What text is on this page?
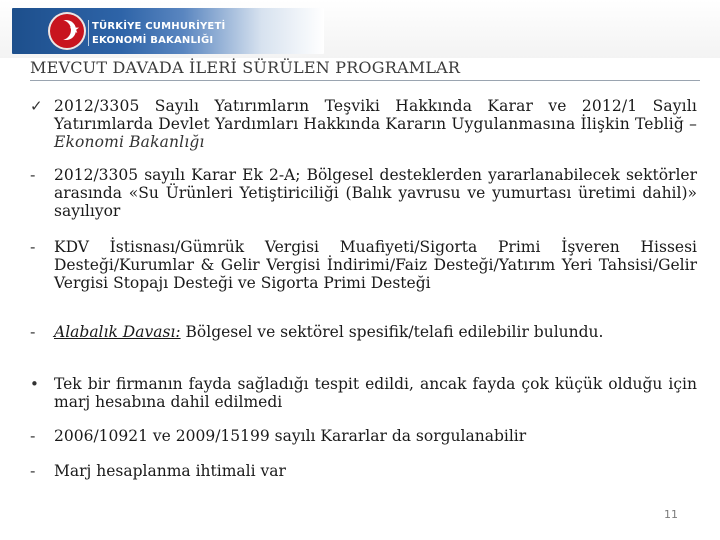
★ TÜRKİYE CUMHURİYETİ
EKONOMİ BAKANLIĞI
MEVCUT DAVADA İLERİ SÜRÜLEN PROGRAMLAR
✓ 2012/3305 Sayılı Yatırımların Teşviki Hakkında Karar ve 2012/1 Sayılı Yatırımlarda Devlet Yardımları Hakkında Kararın Uygulanmasına İlişkin Tebliğ – Ekonomi Bakanlığı
-	2012/3305 sayılı Karar Ek 2-A; Bölgesel desteklerden yararlanabilecek sektörler arasında «Su Ürünleri Yetiştiriciliği (Balık yavrusu ve yumurtası üretimi dahil)» sayılıyor
-	KDV İstisnası/Gümrük Vergisi Muafiyeti/Sigorta Primi İşveren Hissesi Desteği/Kurumlar & Gelir Vergisi İndirimi/Faiz Desteği/Yatırım Yeri Tahsisi/Gelir Vergisi Stopajı Desteği ve Sigorta Primi Desteği
-	Alabalık Davası: Bölgesel ve sektörel spesifik/telafi edilebilir bulundu.
• Tek bir firmanın fayda sağladığı tespit edildi, ancak fayda çok küçük olduğu için marj hesabına dahil edilmedi
-	2006/10921 ve 2009/15199 sayılı Kararlar da sorgulanabilir
-	Marj hesaplanma ihtimali var
11
